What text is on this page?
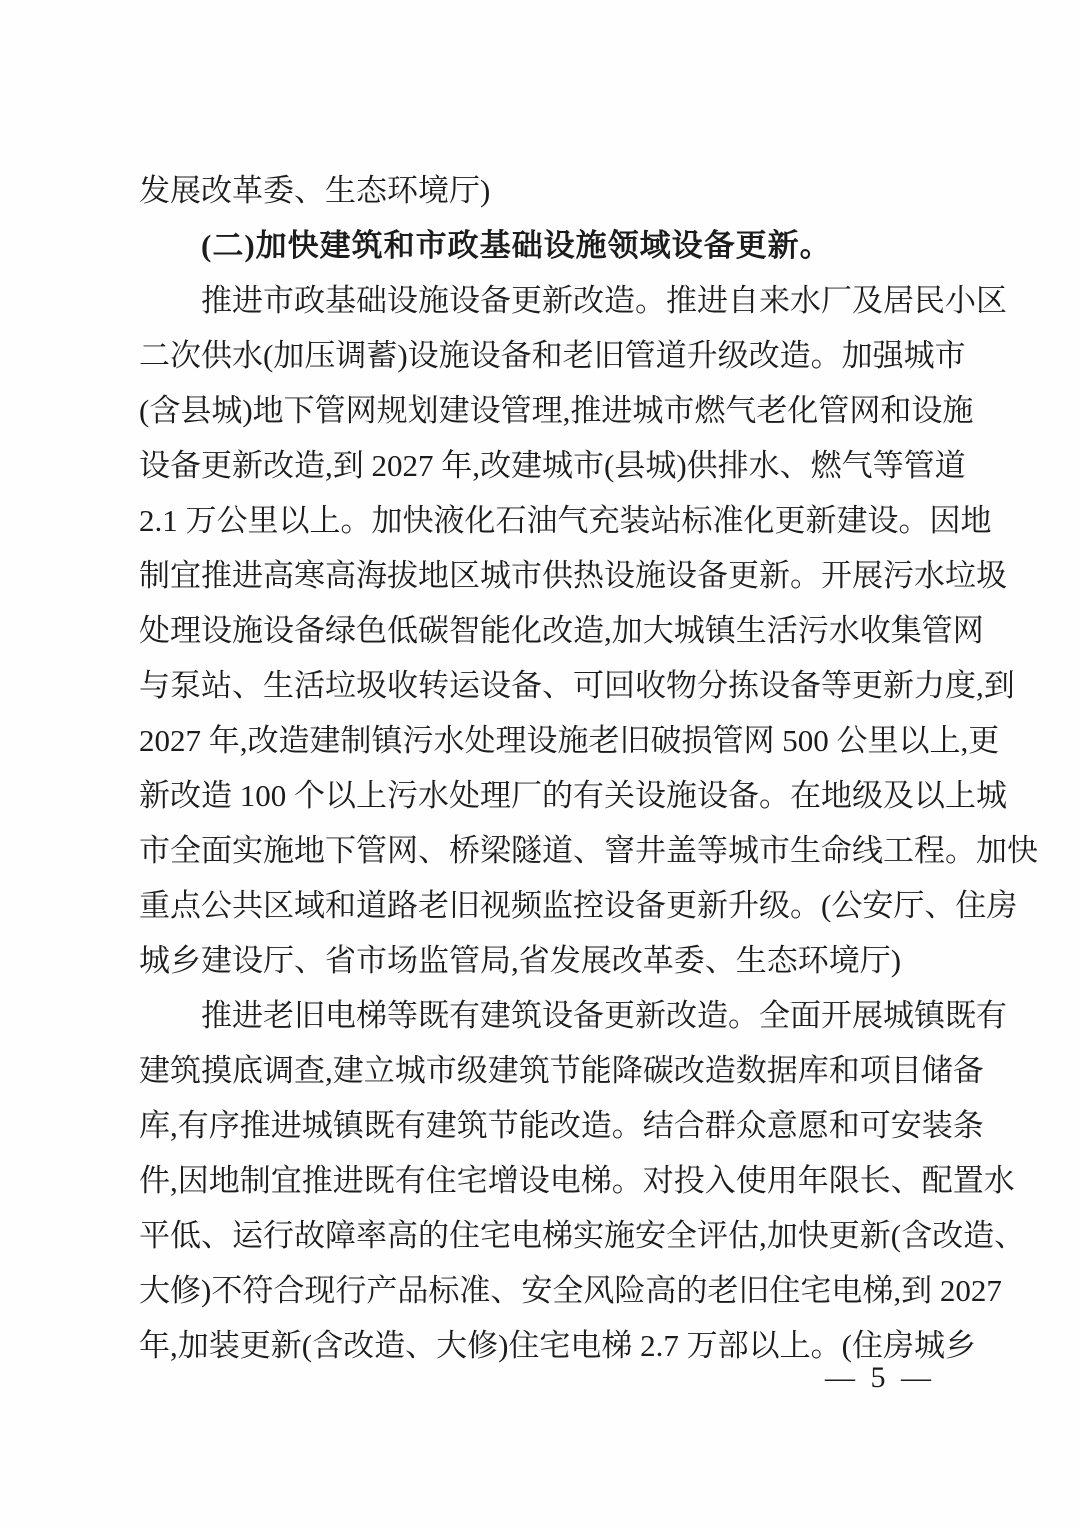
发展改革委、生态环境厅)
(二)加快建筑和市政基础设施领域设备更新。
推进市政基础设施设备更新改造。推进自来水厂及居民小区
二次供水(加压调蓄)设施设备和老旧管道升级改造。加强城市
(含县城)地下管网规划建设管理,推进城市燃气老化管网和设施
设备更新改造,到 2027 年,改建城市(县城)供排水、燃气等管道
2.1 万公里以上。加快液化石油气充装站标准化更新建设。因地
制宜推进高寒高海拔地区城市供热设施设备更新。开展污水垃圾
处理设施设备绿色低碳智能化改造,加大城镇生活污水收集管网
与泵站、生活垃圾收转运设备、可回收物分拣设备等更新力度,到
2027 年,改造建制镇污水处理设施老旧破损管网 500 公里以上,更
新改造 100 个以上污水处理厂的有关设施设备。在地级及以上城
市全面实施地下管网、桥梁隧道、窨井盖等城市生命线工程。加快
重点公共区域和道路老旧视频监控设备更新升级。(公安厅、住房
城乡建设厅、省市场监管局,省发展改革委、生态环境厅)
推进老旧电梯等既有建筑设备更新改造。全面开展城镇既有
建筑摸底调查,建立城市级建筑节能降碳改造数据库和项目储备
库,有序推进城镇既有建筑节能改造。结合群众意愿和可安装条
件,因地制宜推进既有住宅增设电梯。对投入使用年限长、配置水
平低、运行故障率高的住宅电梯实施安全评估,加快更新(含改造、
大修)不符合现行产品标准、安全风险高的老旧住宅电梯,到 2027
年,加装更新(含改造、大修)住宅电梯 2.7 万部以上。(住房城乡
— 5 —
